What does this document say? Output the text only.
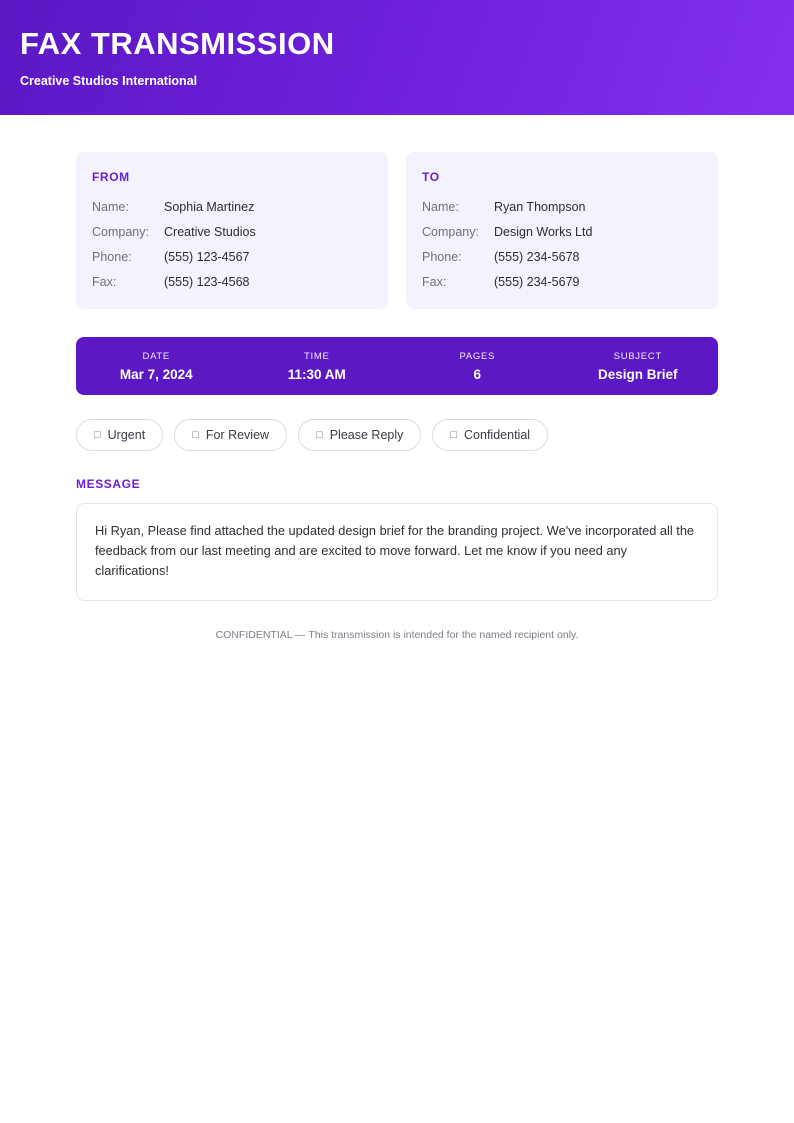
FAX TRANSMISSION
Creative Studios International
FROM
Name:	Sophia Martinez
Company:	Creative Studios
Phone:	(555) 123-4567
Fax:	(555) 123-4568
TO
Name:	Ryan Thompson
Company:	Design Works Ltd
Phone:	(555) 234-5678
Fax:	(555) 234-5679
DATE
Mar 7, 2024
TIME
11:30 AM
PAGES
6
SUBJECT
Design Brief
□ Urgent	□ For Review	□ Please Reply	□ Confidential
MESSAGE
Hi Ryan, Please find attached the updated design brief for the branding project. We've incorporated all the feedback from our last meeting and are excited to move forward. Let me know if you need any clarifications!
CONFIDENTIAL — This transmission is intended for the named recipient only.
